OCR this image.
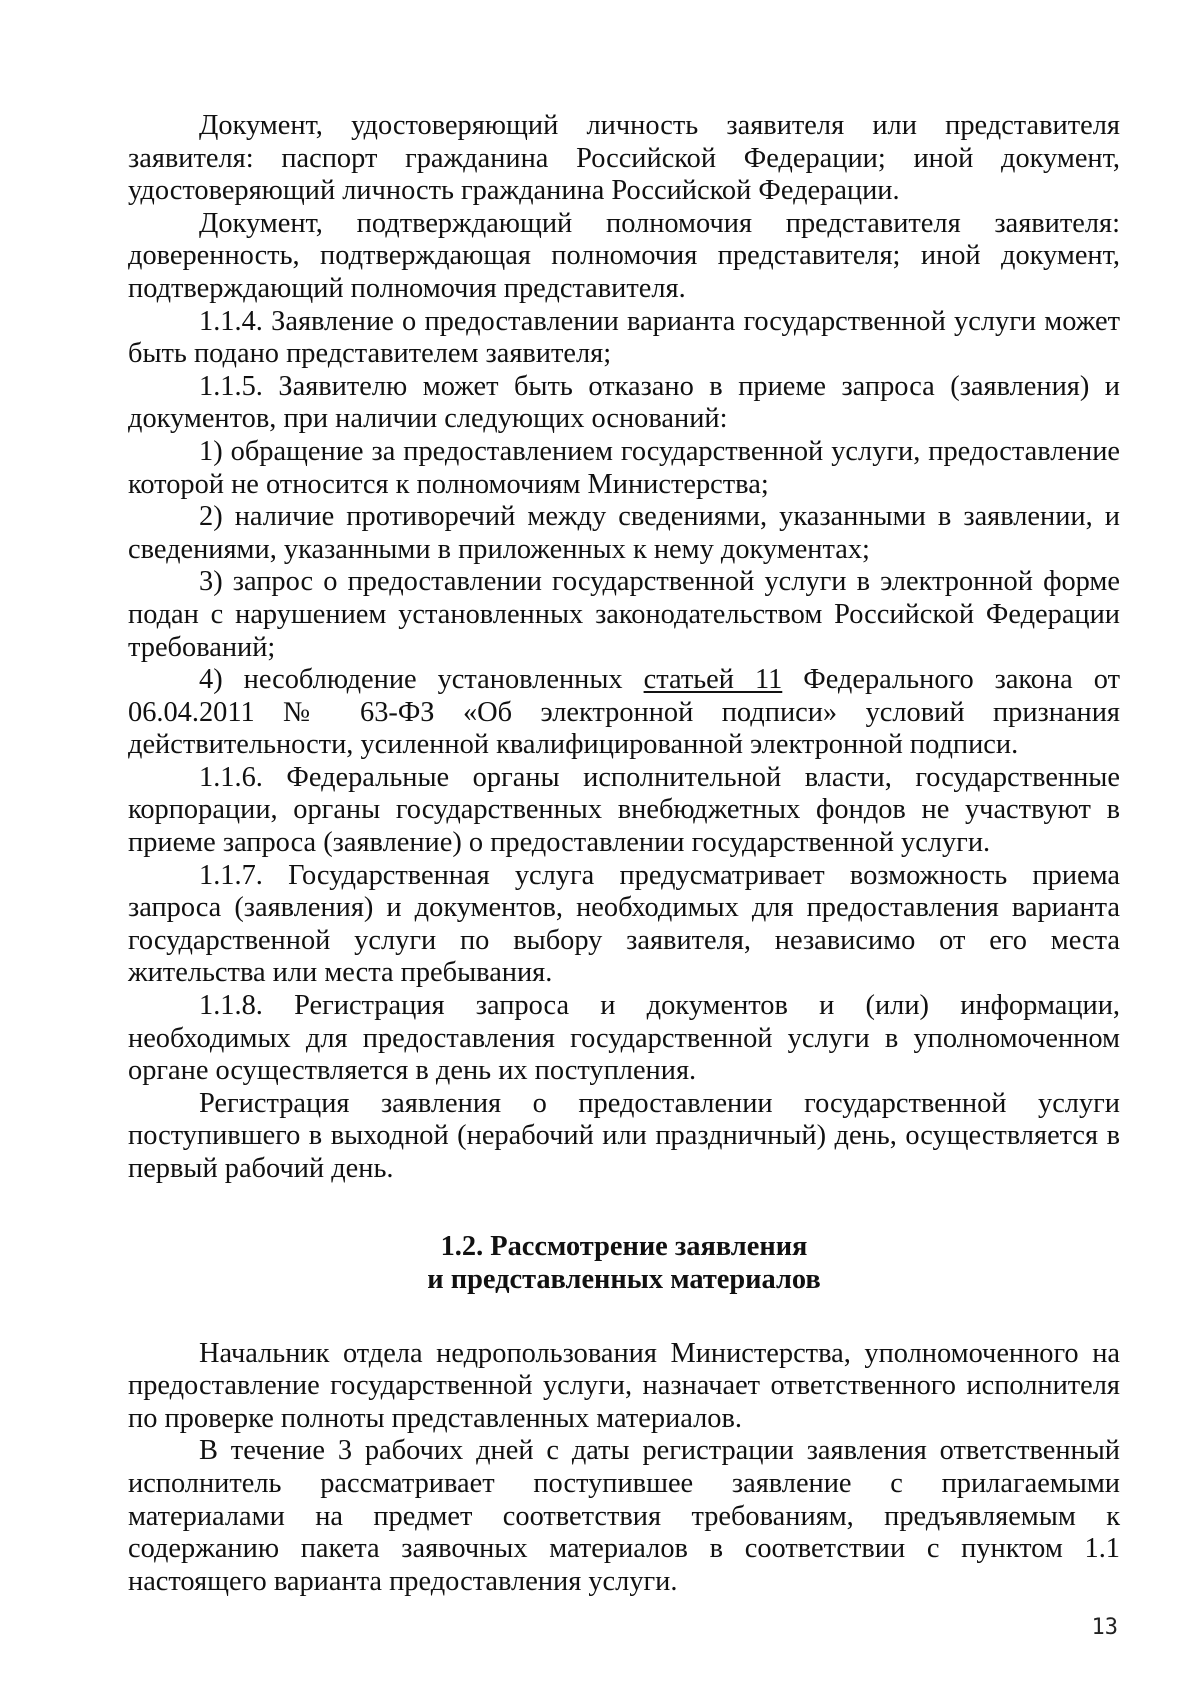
Документ, удостоверяющий личность заявителя или представителя заявителя: паспорт гражданина Российской Федерации; иной документ, удостоверяющий личность гражданина Российской Федерации.

Документ, подтверждающий полномочия представителя заявителя: доверенность, подтверждающая полномочия представителя; иной документ, подтверждающий полномочия представителя.

1.1.4. Заявление о предоставлении варианта государственной услуги может быть подано представителем заявителя;

1.1.5. Заявителю может быть отказано в приеме запроса (заявления) и документов, при наличии следующих оснований:

1) обращение за предоставлением государственной услуги, предоставление которой не относится к полномочиям Министерства;

2) наличие противоречий между сведениями, указанными в заявлении, и сведениями, указанными в приложенных к нему документах;

3) запрос о предоставлении государственной услуги в электронной форме подан с нарушением установленных законодательством Российской Федерации требований;

4) несоблюдение установленных статьей 11 Федерального закона от 06.04.2011 № 63-ФЗ «Об электронной подписи» условий признания действительности, усиленной квалифицированной электронной подписи.

1.1.6. Федеральные органы исполнительной власти, государственные корпорации, органы государственных внебюджетных фондов не участвуют в приеме запроса (заявление) о предоставлении государственной услуги.

1.1.7. Государственная услуга предусматривает возможность приема запроса (заявления) и документов, необходимых для предоставления варианта государственной услуги по выбору заявителя, независимо от его места жительства или места пребывания.

1.1.8. Регистрация запроса и документов и (или) информации, необходимых для предоставления государственной услуги в уполномоченном органе осуществляется в день их поступления.

Регистрация заявления о предоставлении государственной услуги поступившего в выходной (нерабочий или праздничный) день, осуществляется в первый рабочий день.

1.2. Рассмотрение заявления
и представленных материалов

Начальник отдела недропользования Министерства, уполномоченного на предоставление государственной услуги, назначает ответственного исполнителя по проверке полноты представленных материалов.

В течение 3 рабочих дней с даты регистрации заявления ответственный исполнитель рассматривает поступившее заявление с прилагаемыми материалами на предмет соответствия требованиям, предъявляемым к содержанию пакета заявочных материалов в соответствии с пунктом 1.1 настоящего варианта предоставления услуги.

13
